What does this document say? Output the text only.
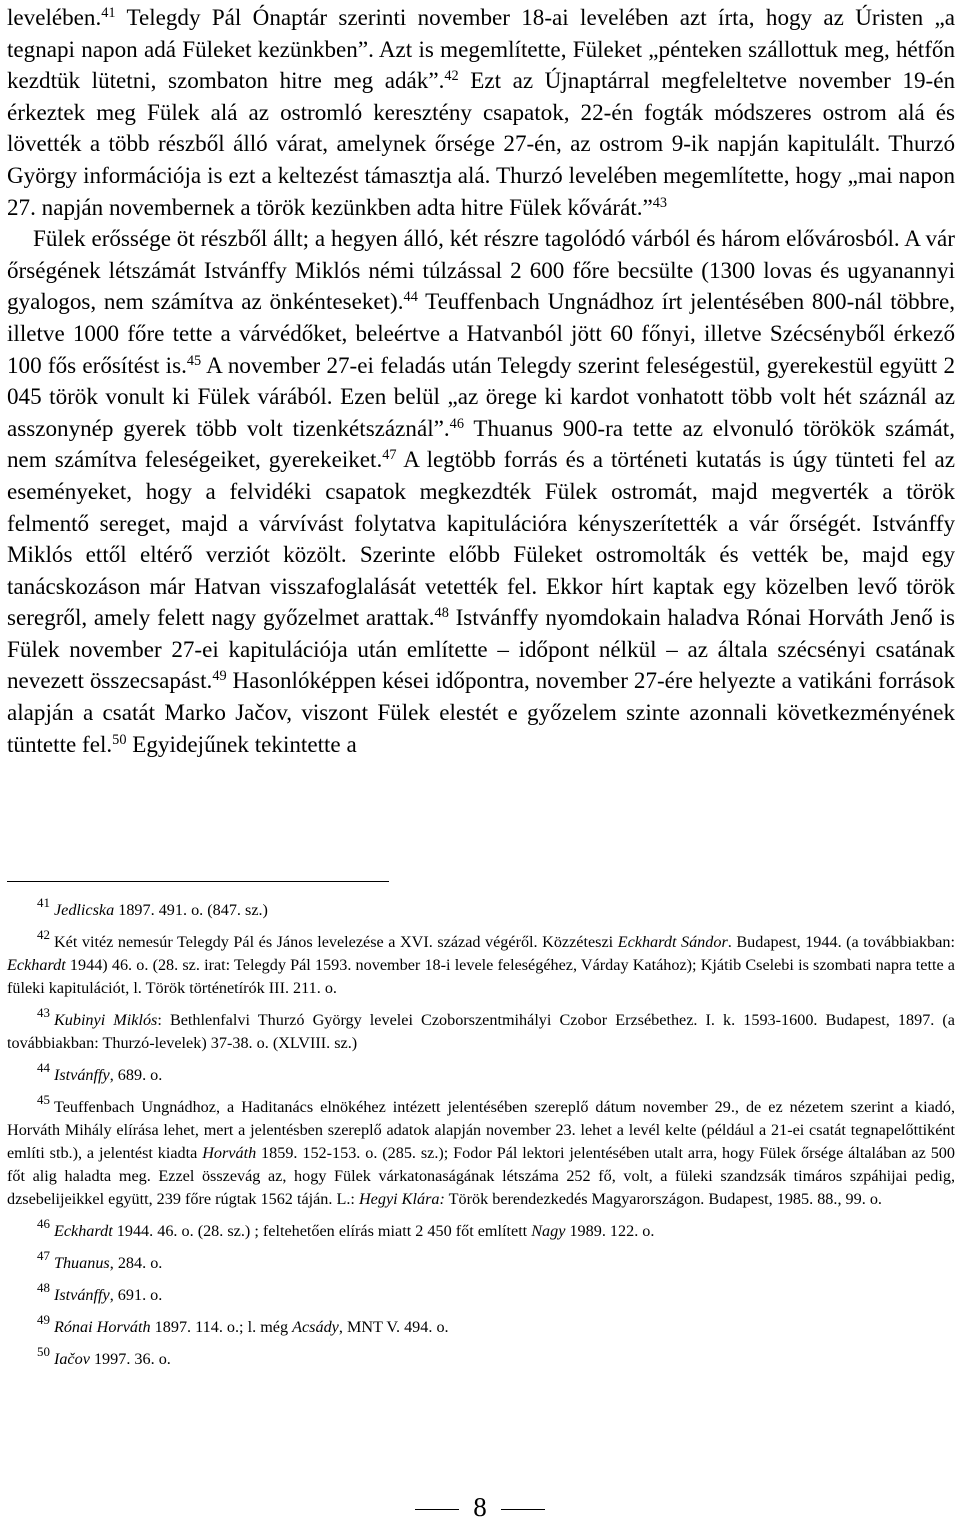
levelében.$^{41}$ Telegdy Pál Ónaptár szerinti november 18-ai levelében azt írta, hogy az Úristen „a tegnapi napon adá Füleket kezünkben”. Azt is megemlítette, Füleket „pénteken szállottuk meg, hétfőn kezdtük lütetni, szombaton hitre meg adák”.$^{42}$ Ezt az Újnaptárral megfeleltetve november 19-én érkeztek meg Fülek alá az ostromló keresztény csapatok, 22-én fogták módszeres ostrom alá és lövették a több részből álló várat, amelynek őrsége 27-én, az ostrom 9-ik napján kapitulált. Thurzó György információja is ezt a keltezést támasztja alá. Thurzó levelében megemlítette, hogy „mai napon 27. napján novembernek a török kezünkben adta hitre Fülek kővárát.”$^{43}$

Fülek erőssége öt részből állt; a hegyen álló, két részre tagolódó várból és három elővárosból. A vár őrségének létszámát Istvánffy Miklós némi túlzással 2 600 főre becsülte (1300 lovas és ugyanannyi gyalogos, nem számítva az önkénteseket).$^{44}$ Teuffenbach Ungnádhoz írt jelentésében 800-nál többre, illetve 1000 főre tette a várvédőket, beleértve a Hatvanból jött 60 főnyi, illetve Szécsényből érkező 100 fős erősítést is.$^{45}$ A november 27-ei feladás után Telegdy szerint feleségestül, gyerekestül együtt 2 045 török vonult ki Fülek várából. Ezen belül „az örege ki kardot vonhatott több volt hét száznál az asszonynép gyerek több volt tizenkétszáznál”.$^{46}$ Thuanus 900-ra tette az elvonuló törökök számát, nem számítva feleségeiket, gyerekeiket.$^{47}$ A legtöbb forrás és a történeti kutatás is úgy tünteti fel az eseményeket, hogy a felvidéki csapatok megkezdték Fülek ostromát, majd megverték a török felmentő sereget, majd a várvívást folytatva kapitulációra kényszerítették a vár őrségét. Istvánffy Miklós ettől eltérő verziót közölt. Szerinte előbb Füleket ostromolták és vették be, majd egy tanácskozáson már Hatvan visszafoglalását vetették fel. Ekkor hírt kaptak egy közelben levő török seregről, amely felett nagy győzelmet arattak.$^{48}$ Istvánffy nyomdokain haladva Rónai Horváth Jenő is Fülek november 27-ei kapitulációja után említette – időpont nélkül – az általa szécsényi csatának nevezett összecsapást.$^{49}$ Hasonlóképpen kései időpontra, november 27-ére helyezte a vatikáni források alapján a csatát Marko Jačov, viszont Fülek elestét e győzelem szinte azonnali következményének tüntette fel.$^{50}$ Egyidejűnek tekintette a

$^{41}$ Jedlicska 1897. 491. o. (847. sz.)

$^{42}$ Két vitéz nemesúr Telegdy Pál és János levelezése a XVI. század végéről. Közzéteszi Eckhardt Sándor. Budapest, 1944. (a továbbiakban: Eckhardt 1944) 46. o. (28. sz. irat: Telegdy Pál 1593. november 18-i levele feleségéhez, Várday Katához); Kjátib Cselebi is szombati napra tette a füleki kapitulációt, l. Török történetírók III. 211. o.

$^{43}$ Kubinyi Miklós: Bethlenfalvi Thurzó György levelei Czoborszentmihályi Czobor Erzsébethez. I. k. 1593-1600. Budapest, 1897. (a továbbiakban: Thurzó-levelek) 37-38. o. (XLVIII. sz.)

$^{44}$ Istvánffy, 689. o.

$^{45}$ Teuffenbach Ungnádhoz, a Haditanács elnökéhez intézett jelentésében szereplő dátum november 29., de ez nézetem szerint a kiadó, Horváth Mihály elírása lehet, mert a jelentésben szereplő adatok alapján november 23. lehet a levél kelte (például a 21-ei csatát tegnapelőttiként említi stb.), a jelentést kiadta Horváth 1859. 152-153. o. (285. sz.); Fodor Pál lektori jelentésében utalt arra, hogy Fülek őrsége általában az 500 főt alig haladta meg. Ezzel összevág az, hogy Fülek várkatonaságának létszáma 252 fő, volt, a füleki szandzsák timáros szpáhijai pedig, dzsebelijeikkel együtt, 239 főre rúgtak 1562 táján. L.: Hegyi Klára: Török berendezkedés Magyarországon. Budapest, 1985. 88., 99. o.

$^{46}$ Eckhardt 1944. 46. o. (28. sz.) ; feltehetően elírás miatt 2 450 főt említett Nagy 1989. 122. o.

$^{47}$ Thuanus, 284. o.

$^{48}$ Istvánffy, 691. o.

$^{49}$ Rónai Horváth 1897. 114. o.; l. még Acsády, MNT V. 494. o.

$^{50}$ Iačov 1997. 36. o.

8
